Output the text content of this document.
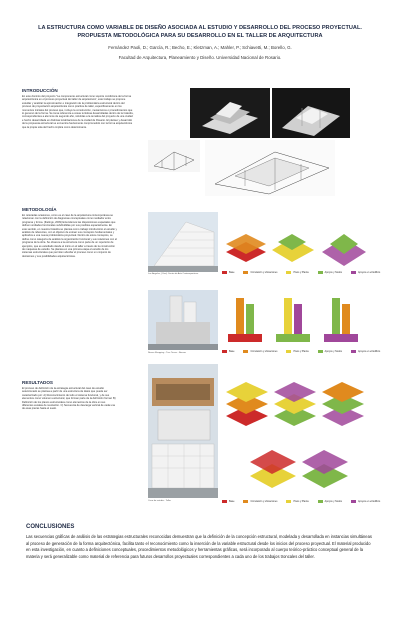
LA ESTRUCTURA COMO VARIABLE DE DISEÑO ASOCIADA AL ESTUDIO Y DESARROLLO DEL PROCESO PROYECTUAL.
PROPUESTA METODOLÓGICA PARA SU DESARROLLO EN EL TALLER DE ARQUITECTURA
Fernández Paoli, D.; García, R.; Becho, E.; Kletzman, A.; Mahler, P.; Schiavetti, M.; Borello, G.
Facultad de Arquitectura, Planeamiento y Diseño. Universidad Nacional de Rosario.
INTRODUCCIÓN
En este dominio del proyecto "La componente estructural como soporte condiciona de la forma arquitectónica en el proceso proyectual del taller de arquitectura", este trabajo se propone estudiar y analizar la aproximación e integración de la problemática estructural dentro del proceso de proyectación arquitectónica como práctica de taller, especificamente en los momentos iniciales del proceso que, incluye la construcción, mecanismos o procedimientos que lo generan de la forma. Se toma referencia a cosas turísticas desarrolladas dentro de la Cátedra, correspondientes a alumnos de segundo año, referidas a la temática del proyecto de una ciudad e hecho desarrollada en distintas localizaciones de la ciudad de Rosario. El planteo y desarrollo de la propuesta estructural se encuentra fuertemente comprometido con la forma arquitectónica que la propia sola del hecho implica como determinante.
METODOLOGÍA
En reiteradas ocasiones, como es el caso de la arquitectura contemporánea se relacionan con la definición de diagramas conceptuales como mediador entre programa y forma. (Ibelings, 2009) Entendemos las disposiciones espaciales que definen unidades funcionales subdivididas por sus posibles espacialmente. En este sentido, en nuestra Cátedra se plantea como trabajo introductorio el estudio y análisis de referentes, con el objetivo de extraer sus conceptos fundamentales y aplicarlos a una nueva problemática proyectual. Dentro de estos conceptos, se define como categoría de análisis la organización funcional y sus relaciones con el programa de la obra. Se observa a la estructura como parte de un repertorio de ejemplos, que es estudiado desde el inicio en el taller a través de la construcción de maquetas de estudio. Se plantea en una primera etapa el estudio de los sistemas estructurales que permiten abordar el proceso como un conjunto de decisiones y sus posibilidades arquitectónicas.
Los Ángeles, (Cine) Centro de Arte Contemporáneo	Base	Circulación y ubicaciones	Pisos y Planta	Apoyos y Nodos	Apoyos en el Edificio
Nuevo Shopping - Tres Torres - Berazo	Base	Circulación y ubicaciones	Pisos y Planta	Apoyos y Nodos	Apoyos en el Edificio
RESULTADOS
El proceso de definición de la estrategia estructural del caso de estudio seleccionado se plantea a partir de una estructura de datos que puede ser caracterizado por: A) Reconocimiento de todo el sistema funcional, y de sus elementos como volumen estructural, que forman parte de la definición formal. B) Definición de los planos estructurales como elementos de la obra en sus diferentes escalas de resolución. C) Secuencia de descarga vertical de cada una de esas piezas hasta el suelo.
Caso de estudio - Taller	Base	Circulación y ubicaciones	Pisos y Planta	Apoyos y Nodos	Apoyos en el Edificio
CONCLUSIONES
Las secuencias gráficas de análisis de las estrategias estructurales reconocidas demuestran que la definición de la concepción estructural, modelada y desarrollada en instancias simultáneas al proceso de generación de la forma arquitectónica, facilita tanto el reconocimiento como la inserción de la variable estructural desde los inicios del proceso proyectual. El material producido en esta investigación, en cuanto a definiciones conceptuales, procedimientos metodológicos y herramientas gráficas, será incorporado al cuerpo teórico-práctico conceptual general de la materia y será generalizable como material de referencia para futuros desarrollos proyectuales correspondientes a cada uno de los trabajos troncales del taller.
